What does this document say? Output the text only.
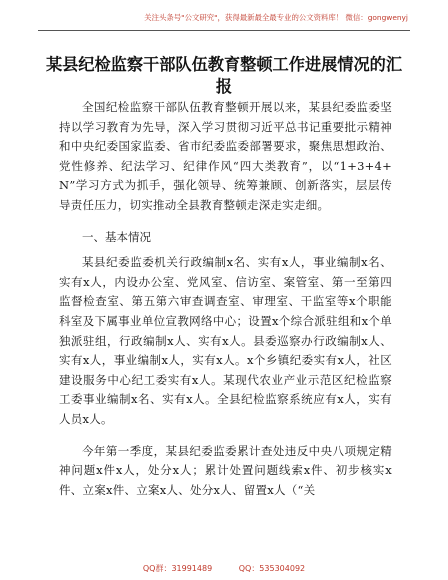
关注头条号"公文研究"，获得最新最全最专业的公文资料库！ 微信：gongwenyj
某县纪检监察干部队伍教育整顿工作进展情况的汇报

全国纪检监察干部队伍教育整顿开展以来，某县纪委监委坚持以学习教育为先导，深入学习贯彻习近平总书记重要批示精神和中央纪委国家监委、省市纪委监委部署要求，聚焦思想政治、党性修养、纪法学习、纪律作风“四大类教育”，以“1+3+4+N”学习方式为抓手，强化领导、统筹兼顾、创新落实，层层传导责任压力，切实推动全县教育整顿走深走实走细。

一、基本情况

某县纪委监委机关行政编制x名、实有x人，事业编制x名、实有x人，内设办公室、党风室、信访室、案管室、第一至第四监督检查室、第五第六审查调查室、审理室、干监室等x个职能科室及下属事业单位宣教网络中心；设置x个综合派驻组和x个单独派驻组，行政编制x人、实有x人。县委巡察办行政编制x人、实有x人，事业编制x人，实有x人。x个乡镇纪委实有x人，社区建设服务中心纪工委实有x人。某现代农业产业示范区纪检监察工委事业编制x名、实有x人。全县纪检监察系统应有x人，实有人员x人。

今年第一季度，某县纪委监委累计查处违反中央八项规定精神问题x件x人，处分x人；累计处置问题线索x件、初步核实x件、立案x件、立案x人、处分x人、留置x人（“关

QQ群：31991489	QQ：535304092
